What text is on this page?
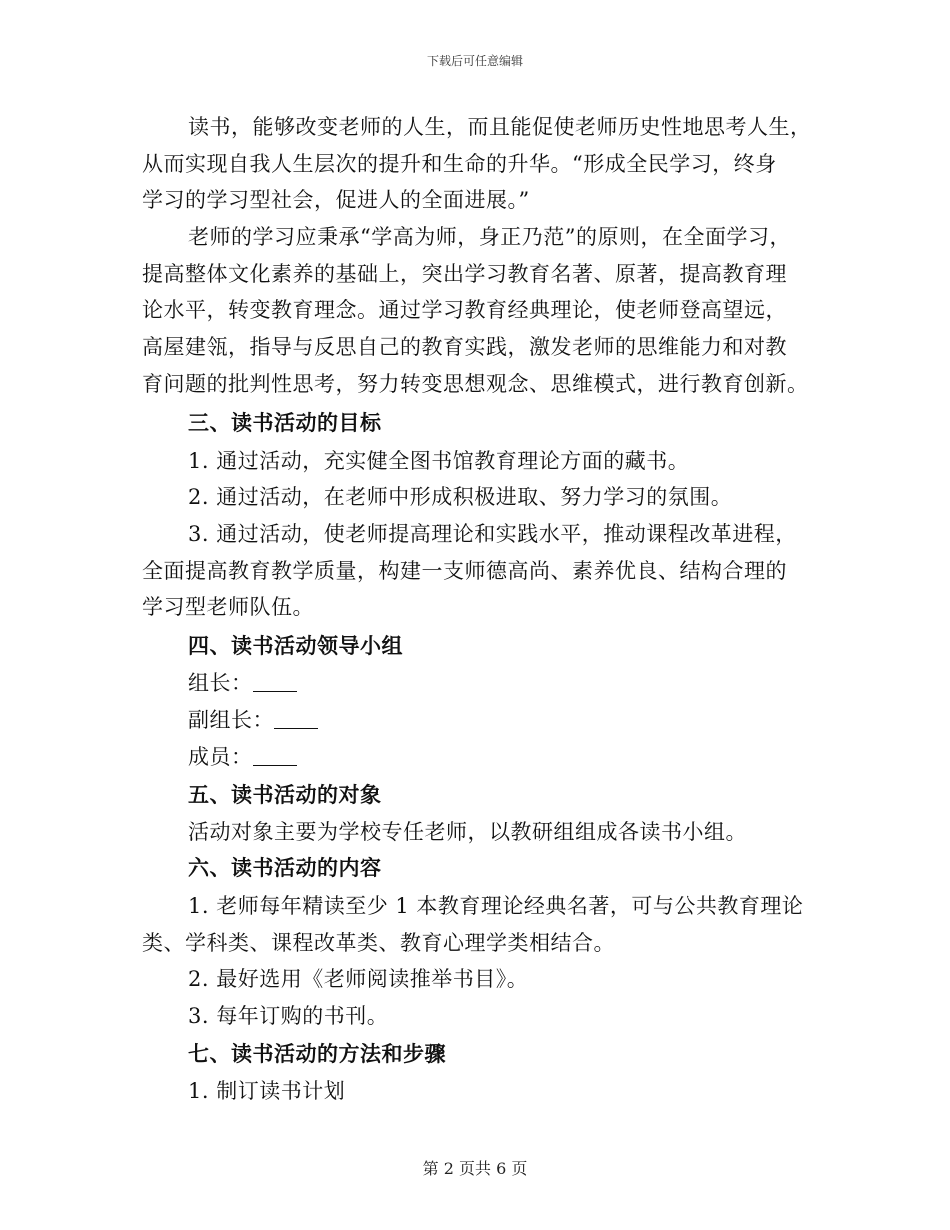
下载后可任意编辑
读书，能够改变老师的人生，而且能促使老师历史性地思考人生，
从而实现自我人生层次的提升和生命的升华。“形成全民学习，终身
学习的学习型社会，促进人的全面进展。”
老师的学习应秉承“学高为师，身正乃范”的原则，在全面学习，
提高整体文化素养的基础上，突出学习教育名著、原著，提高教育理
论水平，转变教育理念。通过学习教育经典理论，使老师登高望远，
高屋建瓴，指导与反思自己的教育实践，激发老师的思维能力和对教
育问题的批判性思考，努力转变思想观念、思维模式，进行教育创新。
三、读书活动的目标
1. 通过活动，充实健全图书馆教育理论方面的藏书。
2. 通过活动，在老师中形成积极进取、努力学习的氛围。
3. 通过活动，使老师提高理论和实践水平，推动课程改革进程，
全面提高教育教学质量，构建一支师德高尚、素养优良、结构合理的
学习型老师队伍。
四、读书活动领导小组
组长：
副组长：
成员：
五、读书活动的对象
活动对象主要为学校专任老师，以教研组组成各读书小组。
六、读书活动的内容
1. 老师每年精读至少 1 本教育理论经典名著，可与公共教育理论
类、学科类、课程改革类、教育心理学类相结合。
2. 最好选用《老师阅读推举书目》。
3. 每年订购的书刊。
七、读书活动的方法和步骤
1. 制订读书计划
第 2 页共 6 页
